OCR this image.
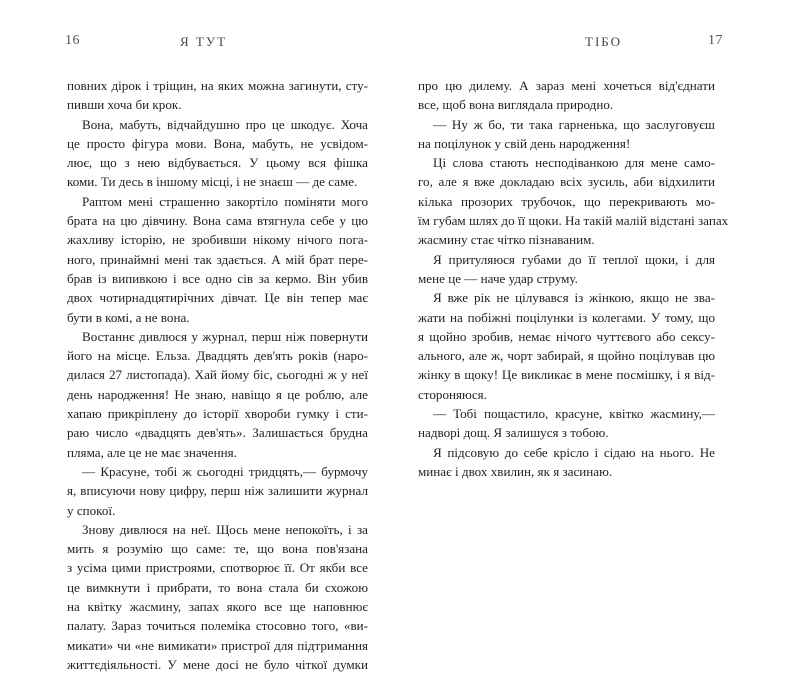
16	Я ТУТ
повних дірок і тріщин, на яких можна загинути, сту-
пивши хоча би крок.
Вона, мабуть, відчайдушно про це шкодує. Хоча
це просто фігура мови. Вона, мабуть, не усвідом-
лює, що з нею відбувається. У цьому вся фішка
коми. Ти десь в іншому місці, і не знаєш — де саме.
Раптом мені страшенно закортіло поміняти мого
брата на цю дівчину. Вона сама втягнула себе у цю
жахливу історію, не зробивши нікому нічого пога-
ного, принаймні мені так здається. А мій брат пере-
брав із випивкою і все одно сів за кермо. Він убив
двох чотирнадцятирічних дівчат. Це він тепер має
бути в комі, а не вона.
Востаннє дивлюся у журнал, перш ніж повернути
його на місце. Ельза. Двадцять дев'ять років (наро-
дилася 27 листопада). Хай йому біс, сьогодні ж у неї
день народження! Не знаю, навіщо я це роблю, але
хапаю прикріплену до історії хвороби гумку і сти-
раю число «двадцять дев'ять». Залишається брудна
пляма, але це не має значення.
— Красуне, тобі ж сьогодні тридцять,— бурмочу
я, вписуючи нову цифру, перш ніж залишити журнал
у спокої.
Знову дивлюся на неї. Щось мене непокоїть, і за
мить я розумію що саме: те, що вона пов'язана
з усіма цими пристроями, спотворює її. От якби все
це вимкнути і прибрати, то вона стала би схожою
на квітку жасмину, запах якого все ще наповнює
палату. Зараз точиться полеміка стосовно того, «ви-
микати» чи «не вимикати» пристрої для підтримання
життєдіяльності. У мене досі не було чіткої думки
ТІБО	17
про цю дилему. А зараз мені хочеться від'єднати
все, щоб вона виглядала природно.
— Ну ж бо, ти така гарненька, що заслуговуєш
на поцілунок у свій день народження!
Ці слова стають несподіванкою для мене само-
го, але я вже докладаю всіх зусиль, аби відхилити
кілька прозорих трубочок, що перекривають мо-
їм губам шлях до її щоки. На такій малій відстані запах
жасмину стає чітко пізнаваним.
Я притуляюся губами до її теплої щоки, і для
мене це — наче удар струму.
Я вже рік не цілувався із жінкою, якщо не зва-
жати на побіжні поцілунки із колегами. У тому, що
я щойно зробив, немає нічого чуттєвого або сексу-
ального, але ж, чорт забирай, я щойно поцілував цю
жінку в щоку! Це викликає в мене посмішку, і я від-
стороняюся.
— Тобі пощастило, красуне, квітко жасмину,—
надворі дощ. Я залишуся з тобою.
Я підсовую до себе крісло і сідаю на нього. Не
минає і двох хвилин, як я засинаю.
